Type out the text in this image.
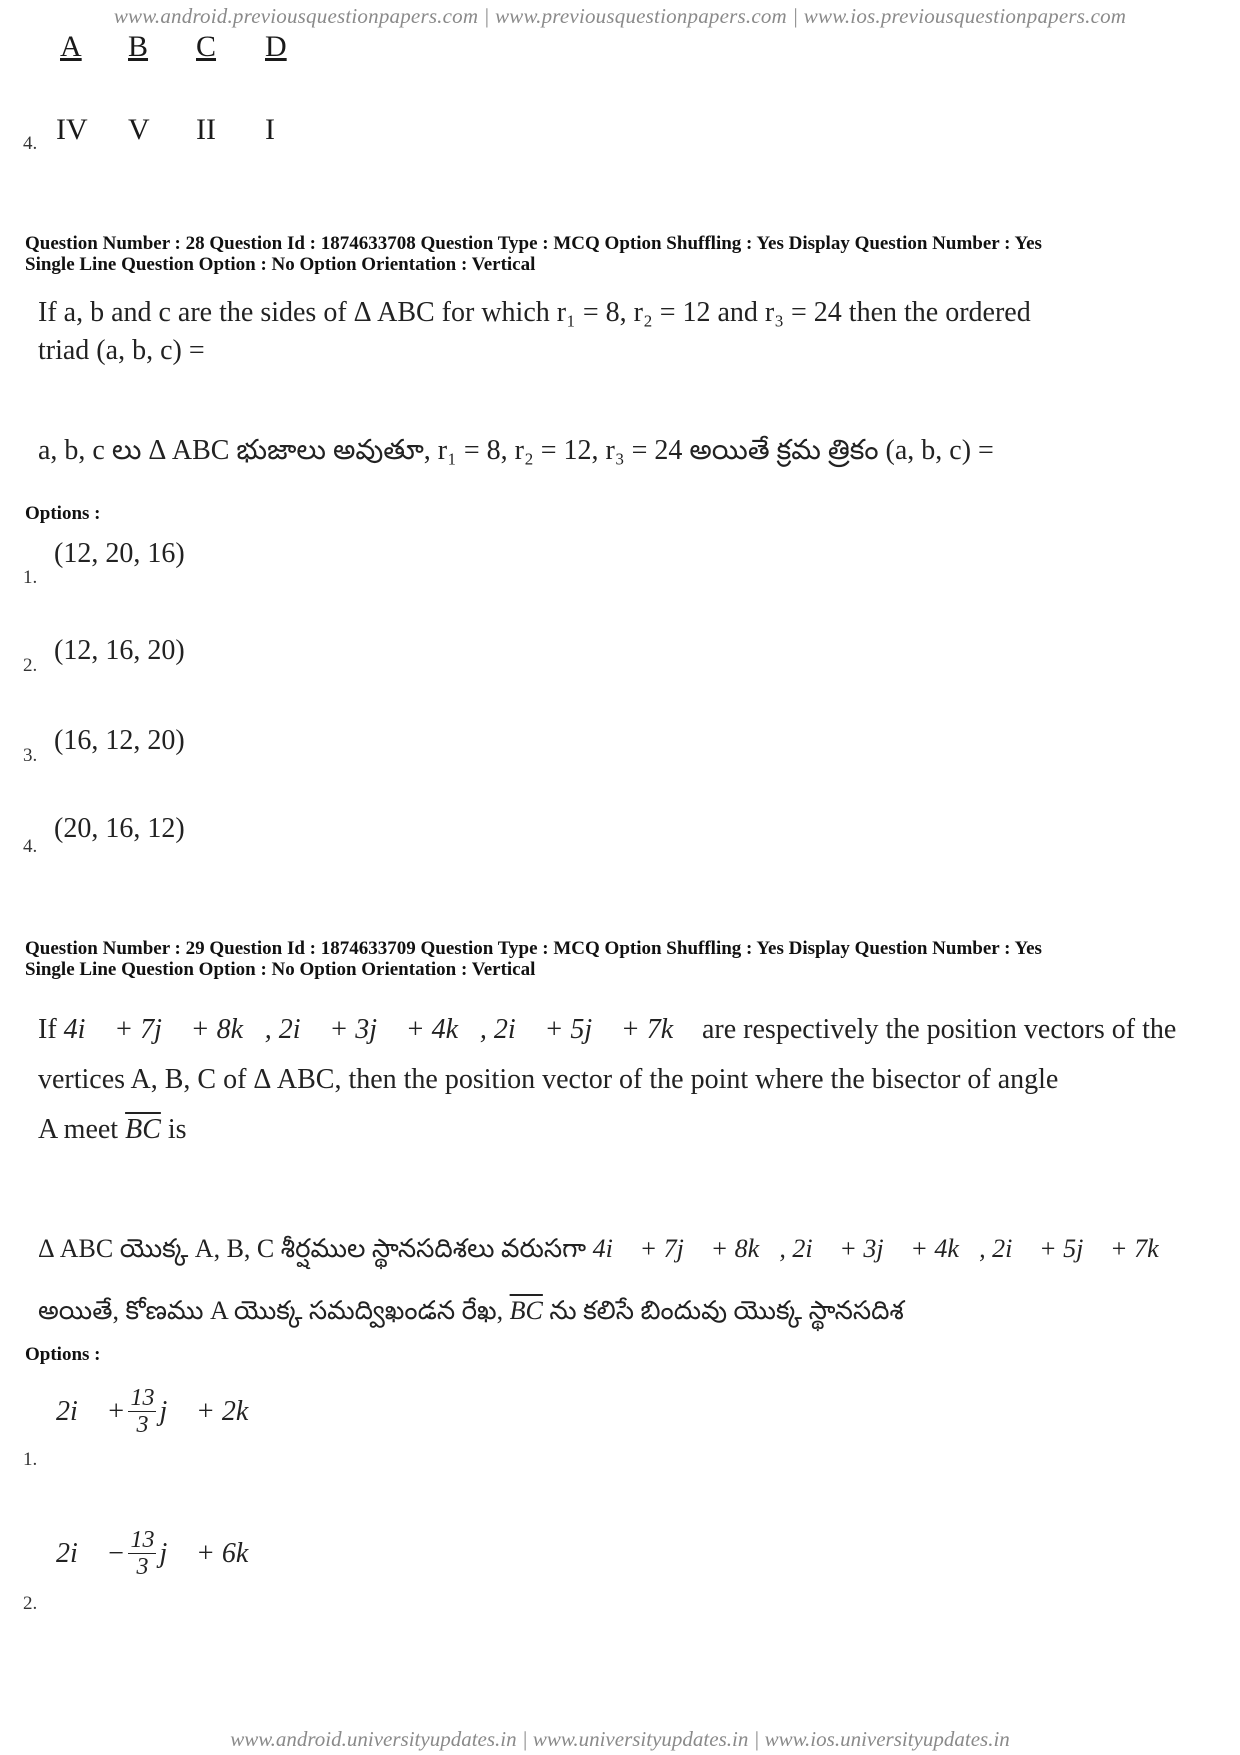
www.android.previousquestionpapers.com | www.previousquestionpapers.com | www.ios.previousquestionpapers.com
A B C D
4. IV V II I
Question Number : 28 Question Id : 1874633708 Question Type : MCQ Option Shuffling : Yes Display Question Number : Yes
Single Line Question Option : No Option Orientation : Vertical
If a, b and c are the sides of Δ ABC for which r₁ = 8, r₂ = 12 and r₃ = 24 then the ordered
triad (a, b, c) =
a, b, c లు Δ ABC భుజాలు అవుతూ, r₁ = 8, r₂ = 12, r₃ = 24 అయితే క్రమ త్రికం (a, b, c) =
Options :
1.
(12, 20, 16)
2. (12, 16, 20)
3. (16, 12, 20)
4.
(20, 16, 12)
Question Number : 29 Question Id : 1874633709 Question Type : MCQ Option Shuffling : Yes Display Question Number : Yes
Single Line Question Option : No Option Orientation : Vertical
If 4i⃗ + 7j⃗ + 8k⃗, 2i⃗ + 3j⃗ + 4k⃗, 2i⃗ + 5j⃗ + 7k⃗ are respectively the position vectors of the
vertices A, B, C of Δ ABC, then the position vector of the point where the bisector of angle
A meet $\overline{BC}$ is
Δ ABC యొక్క A, B, C శీర్షముల స్థానసదిశలు వరుసగా 4i⃗ + 7j⃗ + 8k⃗, 2i⃗ + 3j⃗ + 4k⃗, 2i⃗ + 5j⃗ + 7k⃗
అయితే, కోణము A యొక్క సమద్విఖండన రేఖ, $\overline{BC}$ ను కలిసే బిందువు యొక్క స్థానసదిశ
Options :
1.
2i⃗ + $\frac{13}{3}$ j⃗ + 2k⃗
2.
2i⃗ − $\frac{13}{3}$ j⃗ + 6k⃗
www.android.universityupdates.in | www.universityupdates.in | www.ios.universityupdates.in
